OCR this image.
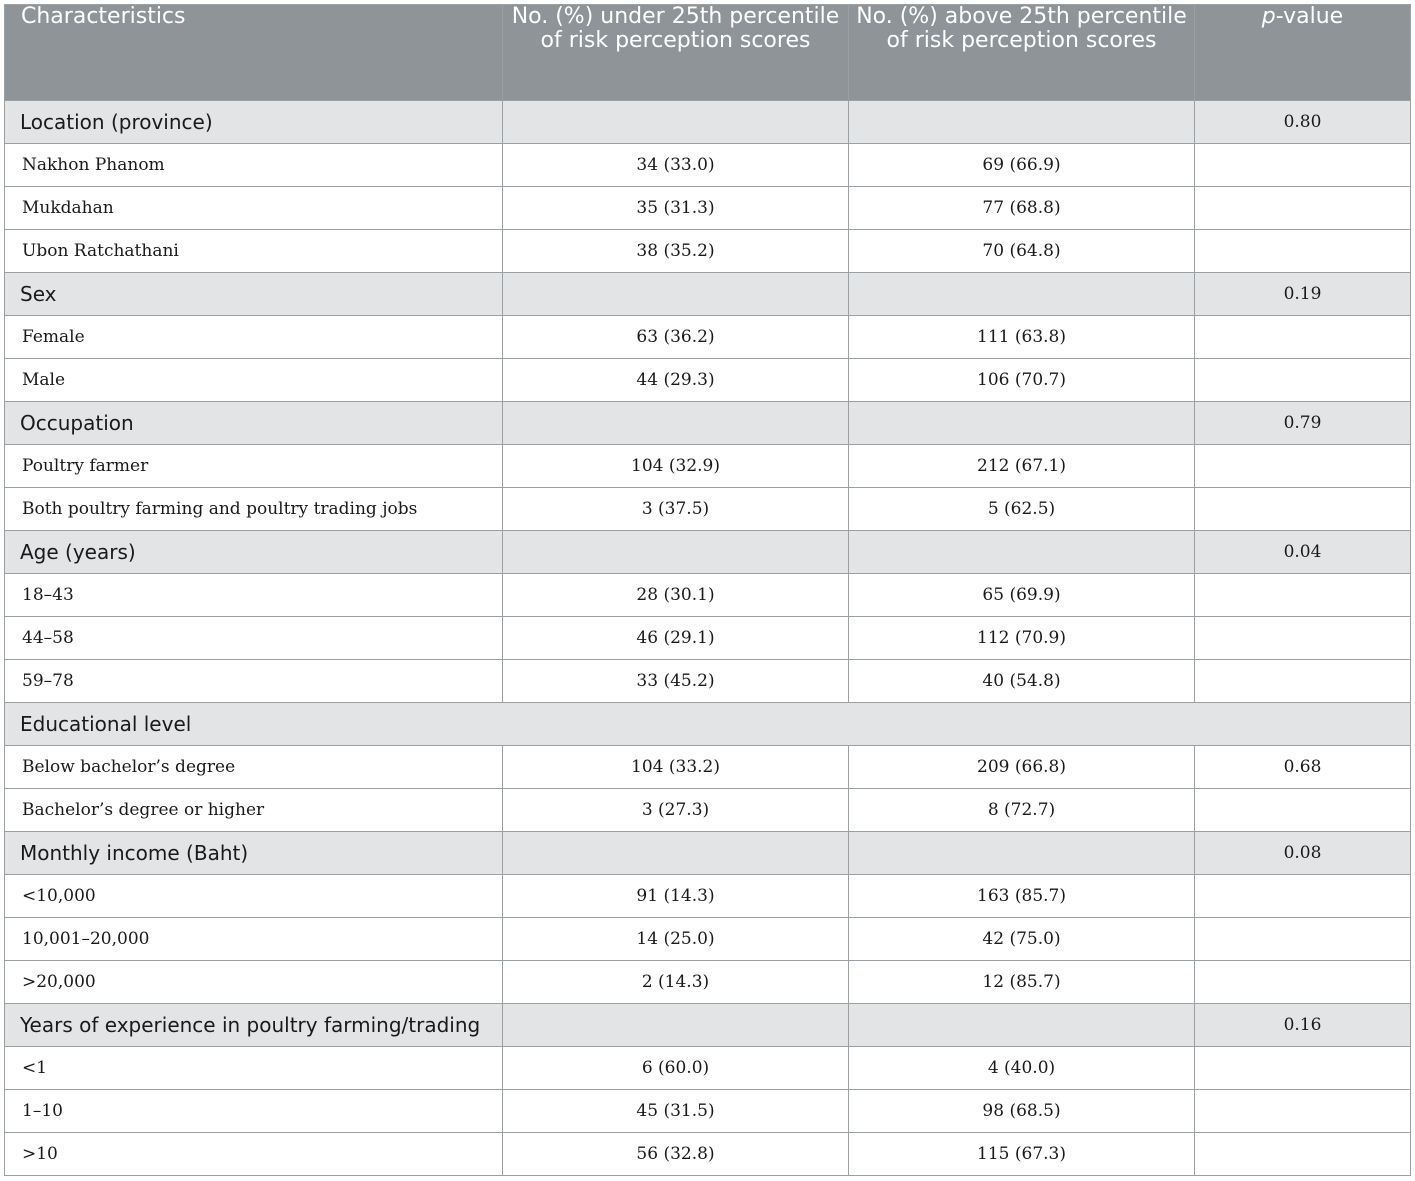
Characteristics	No. (%) under 25th percentile of risk perception scores	No. (%) above 25th percentile of risk perception scores	p-value
Location (province)			0.80
Nakhon Phanom	34 (33.0)	69 (66.9)	
Mukdahan	35 (31.3)	77 (68.8)	
Ubon Ratchathani	38 (35.2)	70 (64.8)	
Sex			0.19
Female	63 (36.2)	111 (63.8)	
Male	44 (29.3)	106 (70.7)	
Occupation			0.79
Poultry farmer	104 (32.9)	212 (67.1)	
Both poultry farming and poultry trading jobs	3 (37.5)	5 (62.5)	
Age (years)			0.04
18–43	28 (30.1)	65 (69.9)	
44–58	46 (29.1)	112 (70.9)	
59–78	33 (45.2)	40 (54.8)	
Educational level			
Below bachelor’s degree	104 (33.2)	209 (66.8)	0.68
Bachelor’s degree or higher	3 (27.3)	8 (72.7)	
Monthly income (Baht)			0.08
<10,000	91 (14.3)	163 (85.7)	
10,001–20,000	14 (25.0)	42 (75.0)	
>20,000	2 (14.3)	12 (85.7)	
Years of experience in poultry farming/trading			0.16
<1	6 (60.0)	4 (40.0)	
1–10	45 (31.5)	98 (68.5)	
>10	56 (32.8)	115 (67.3)	
